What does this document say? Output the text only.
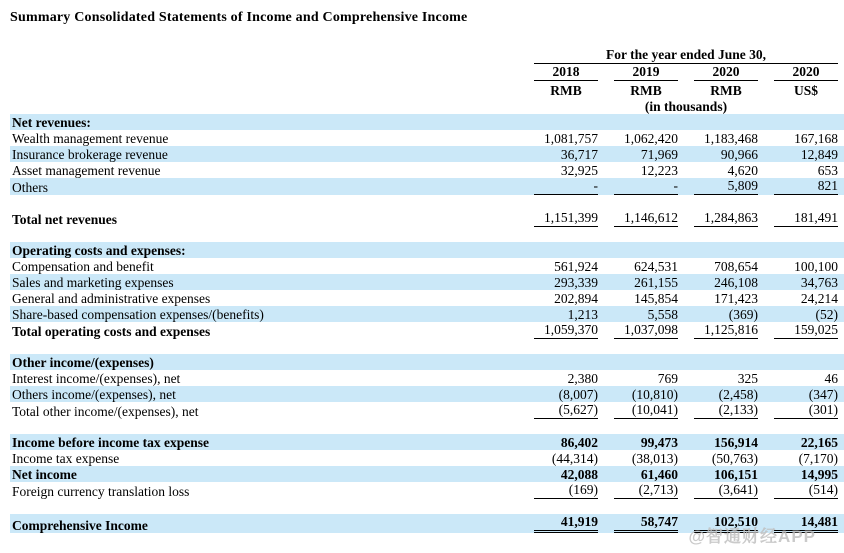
Summary Consolidated Statements of Income and Comprehensive Income

	For the year ended June 30,			

	2018	2019	2020	2020

	RMB	RMB	RMB	US$

	(in thousands)			

Net revenues:	

Wealth management revenue	1,081,757	1,062,420	1,183,468	167,168

Insurance brokerage revenue	36,717	71,969	90,966	12,849

Asset management revenue	32,925	12,223	4,620	653

Others	-	-	5,809	821

Total net revenues	1,151,399	1,146,612	1,284,863	181,491

Operating costs and expenses:	

Compensation and benefit	561,924	624,531	708,654	100,100

Sales and marketing expenses	293,339	261,155	246,108	34,763

General and administrative expenses	202,894	145,854	171,423	24,214

Share-based compensation expenses/(benefits)	1,213	5,558	(369)	(52)

Total operating costs and expenses	1,059,370	1,037,098	1,125,816	159,025

Other income/(expenses)	

Interest income/(expenses), net	2,380	769	325	46

Others income/(expenses), net	(8,007)	(10,810)	(2,458)	(347)

Total other income/(expenses), net	(5,627)	(10,041)	(2,133)	(301)

Income before income tax expense	86,402	99,473	156,914	22,165

Income tax expense	(44,314)	(38,013)	(50,763)	(7,170)

Net income	42,088	61,460	106,151	14,995

Foreign currency translation loss	(169)	(2,713)	(3,641)	(514)

Comprehensive Income	41,919	58,747	102,510	14,481
@智通财经APP
